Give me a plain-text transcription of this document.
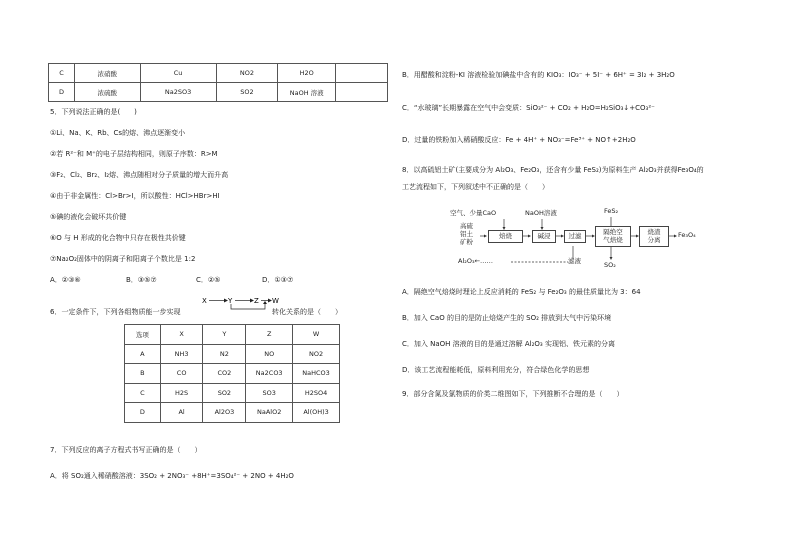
C	浓硝酸	Cu	NO2	H2O	
D	浓硫酸	Na2SO3	SO2	NaOH 溶液	
5．下列说法正确的是(　　)
①Li、Na、K、Rb、Cs的熔、沸点逐渐变小
②若 R²⁻和 M⁺的电子层结构相同，则原子序数：R>M
③F₂、Cl₂、Br₂、I₂熔、沸点随相对分子质量的增大而升高
④由于非金属性：Cl>Br>I，所以酸性：HCl>HBr>HI
⑤碘的液化会破坏共价键
⑥O 与 H 形成的化合物中只存在极性共价键
⑦Na₂O₂固体中的阴离子和阳离子个数比是 1:2
A．②③⑥	B．③⑤⑦	C．②⑤	D．①③⑦
6．一定条件下，下列各组物质能一步实现	转化关系的是（　　）
X	Y	Z W
选项	X	Y	Z	W
A	NH3	N2	NO	NO2
B	CO	CO2	Na2CO3	NaHCO3
C	H2S	SO2	SO3	H2SO4
D	Al	Al2O3	NaAlO2	Al(OH)3
7．下列反应的离子方程式书写正确的是（　　）
A．将 SO₂通入稀硝酸溶液：3SO₂ + 2NO₃⁻ +8H⁺=3SO₄²⁻ + 2NO + 4H₂O
B．用醋酸和淀粉-KI 溶液检验加碘盐中含有的 KIO₃：IO₃⁻ + 5I⁻ + 6H⁺ = 3I₂ + 3H₂O
C．“水玻璃”长期暴露在空气中会变质：SiO₃²⁻ + CO₂ + H₂O=H₂SiO₃↓+CO₃²⁻
D．过量的铁粉加入稀硝酸反应：Fe + 4H⁺ + NO₃⁻=Fe³⁺ + NO↑+2H₂O
8．以高硫铝土矿(主要成分为 Al₂O₃、Fe₂O₃，还含有少量 FeS₂)为原料生产 Al₂O₃并获得Fe₃O₄的
工艺流程如下，下列叙述中不正确的是（　　）
空气、少量CaO	NaOH溶液	FeS₂
高硫
铝土
矿粉
焙烧	碱浸	过滤	隔绝空
气焙烧
烧渣
分离
Fe₃O₄
Al₂O₃←……	滤液	SO₂
A．隔绝空气焙烧时理论上反应消耗的 FeS₂ 与 Fe₂O₃ 的最佳质量比为 3：64
B．加入 CaO 的目的是防止焙烧产生的 SO₂ 排放到大气中污染环境
C．加入 NaOH 溶液的目的是通过溶解 Al₂O₃ 实现铝、铁元素的分离
D．该工艺流程能耗低，原料利用充分，符合绿色化学的思想
9．部分含氮及氯物质的价类二维图如下，下列推断不合理的是（　　）
